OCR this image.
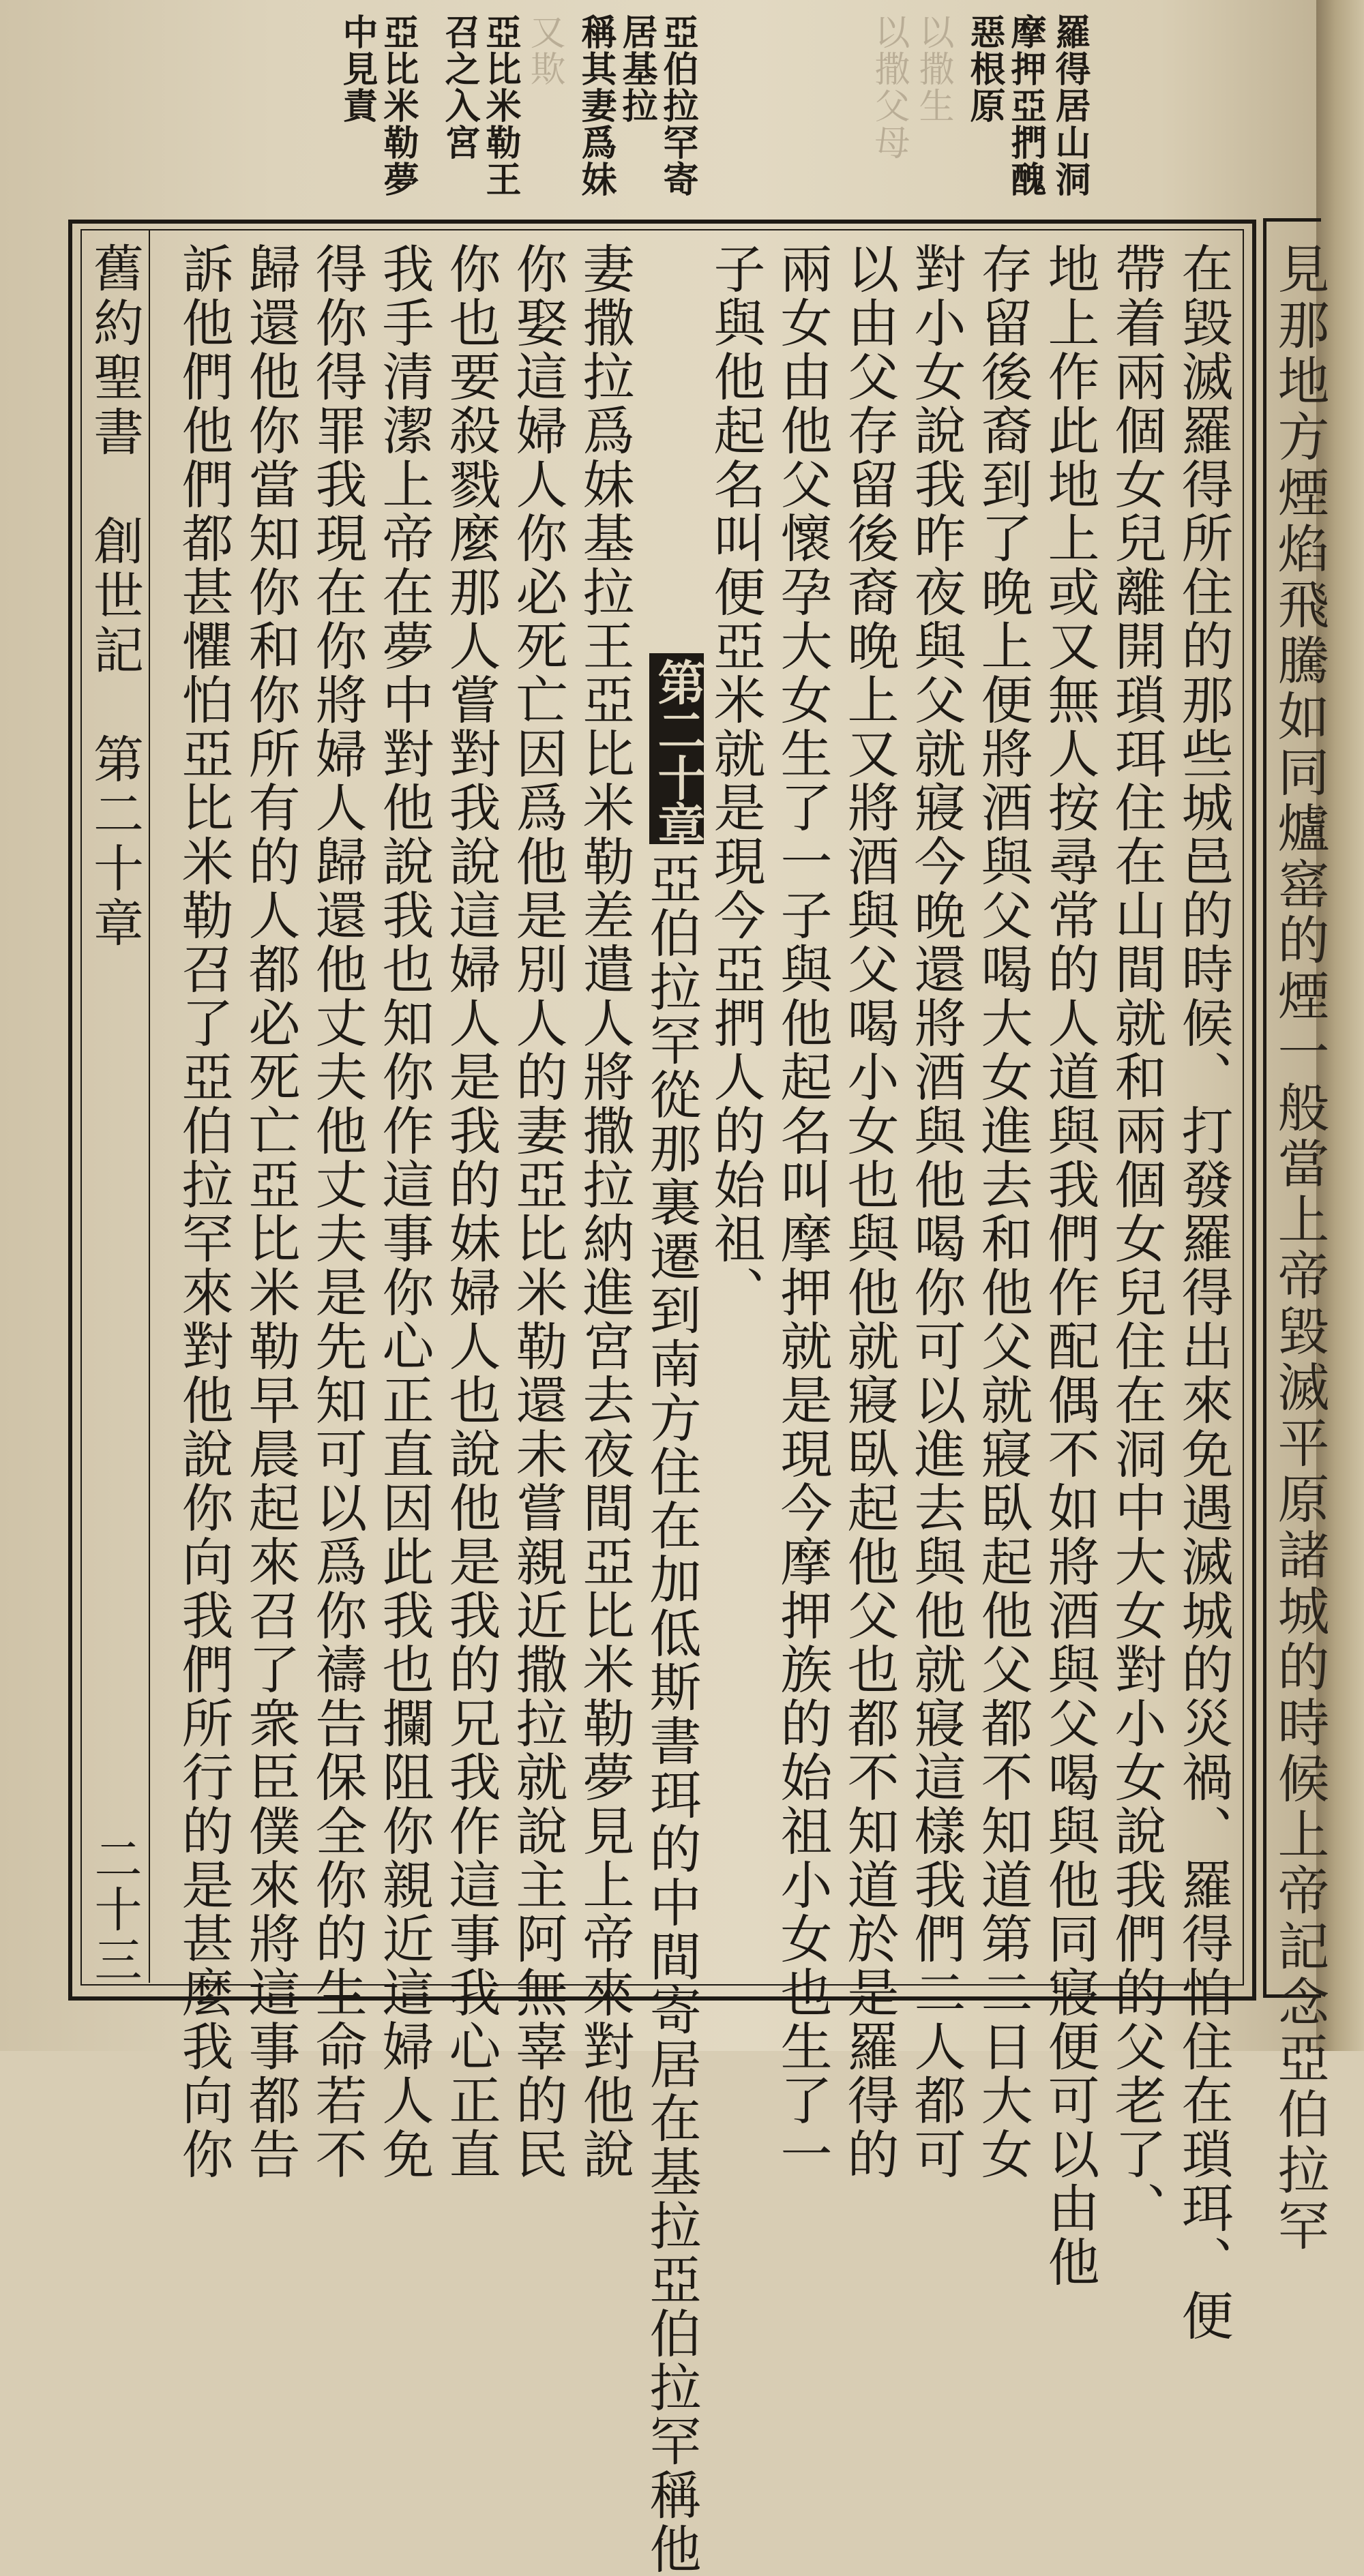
羅得居山洞
摩押亞捫醜
惡根原
以撒生
以撒父母
亞伯拉罕寄
居基拉
稱其妻爲妹
又欺
亞比米勒王
召之入宮
亞比米勒夢
中見責
在毀滅羅得所住的那些城邑的時候、打發羅得出來免遇滅城的災禍、羅得怕住在瑣珥、便
帶着兩個女兒離開瑣珥住在山間就和兩個女兒住在洞中大女對小女說我們的父老了、
地上作此地上或又無人按尋常的人道與我們作配偶不如將酒與父喝與他同寢便可以由他
存留後裔到了晚上便將酒與父喝大女進去和他父就寢臥起他父都不知道第二日大女
對小女說我昨夜與父就寢今晚還將酒與他喝你可以進去與他就寢這樣我們二人都可
以由父存留後裔晚上又將酒與父喝小女也與他就寢臥起他父也都不知道於是羅得的
兩女由他父懷孕大女生了一子與他起名叫摩押就是現今摩押族的始祖小女也生了一
子與他起名叫便亞米就是現今亞捫人的始祖、
第二十章
亞伯拉罕從那裏遷到南方住在加低斯書珥的中間寄居在基拉亞伯拉罕稱他
妻撒拉爲妹基拉王亞比米勒差遣人將撒拉納進宮去夜間亞比米勒夢見上帝來對他說
你娶這婦人你必死亡因爲他是別人的妻亞比米勒還未嘗親近撒拉就說主阿無辜的民
你也要殺戮麼那人嘗對我說這婦人是我的妹婦人也說他是我的兄我作這事我心正直
我手清潔上帝在夢中對他說我也知你作這事你心正直因此我也攔阻你親近這婦人免
得你得罪我現在你將婦人歸還他丈夫他丈夫是先知可以爲你禱告保全你的生命若不
歸還他你當知你和你所有的人都必死亡亞比米勒早晨起來召了衆臣僕來將這事都告
訴他們他們都甚懼怕亞比米勒召了亞伯拉罕來對他說你向我們所行的是甚麼我向你
舊約聖書　創世記　第二十章
二十三	見那地方煙焰飛騰如同爐窰的煙一般當上帝毀滅平原諸城的時候上帝記念亞伯拉罕
